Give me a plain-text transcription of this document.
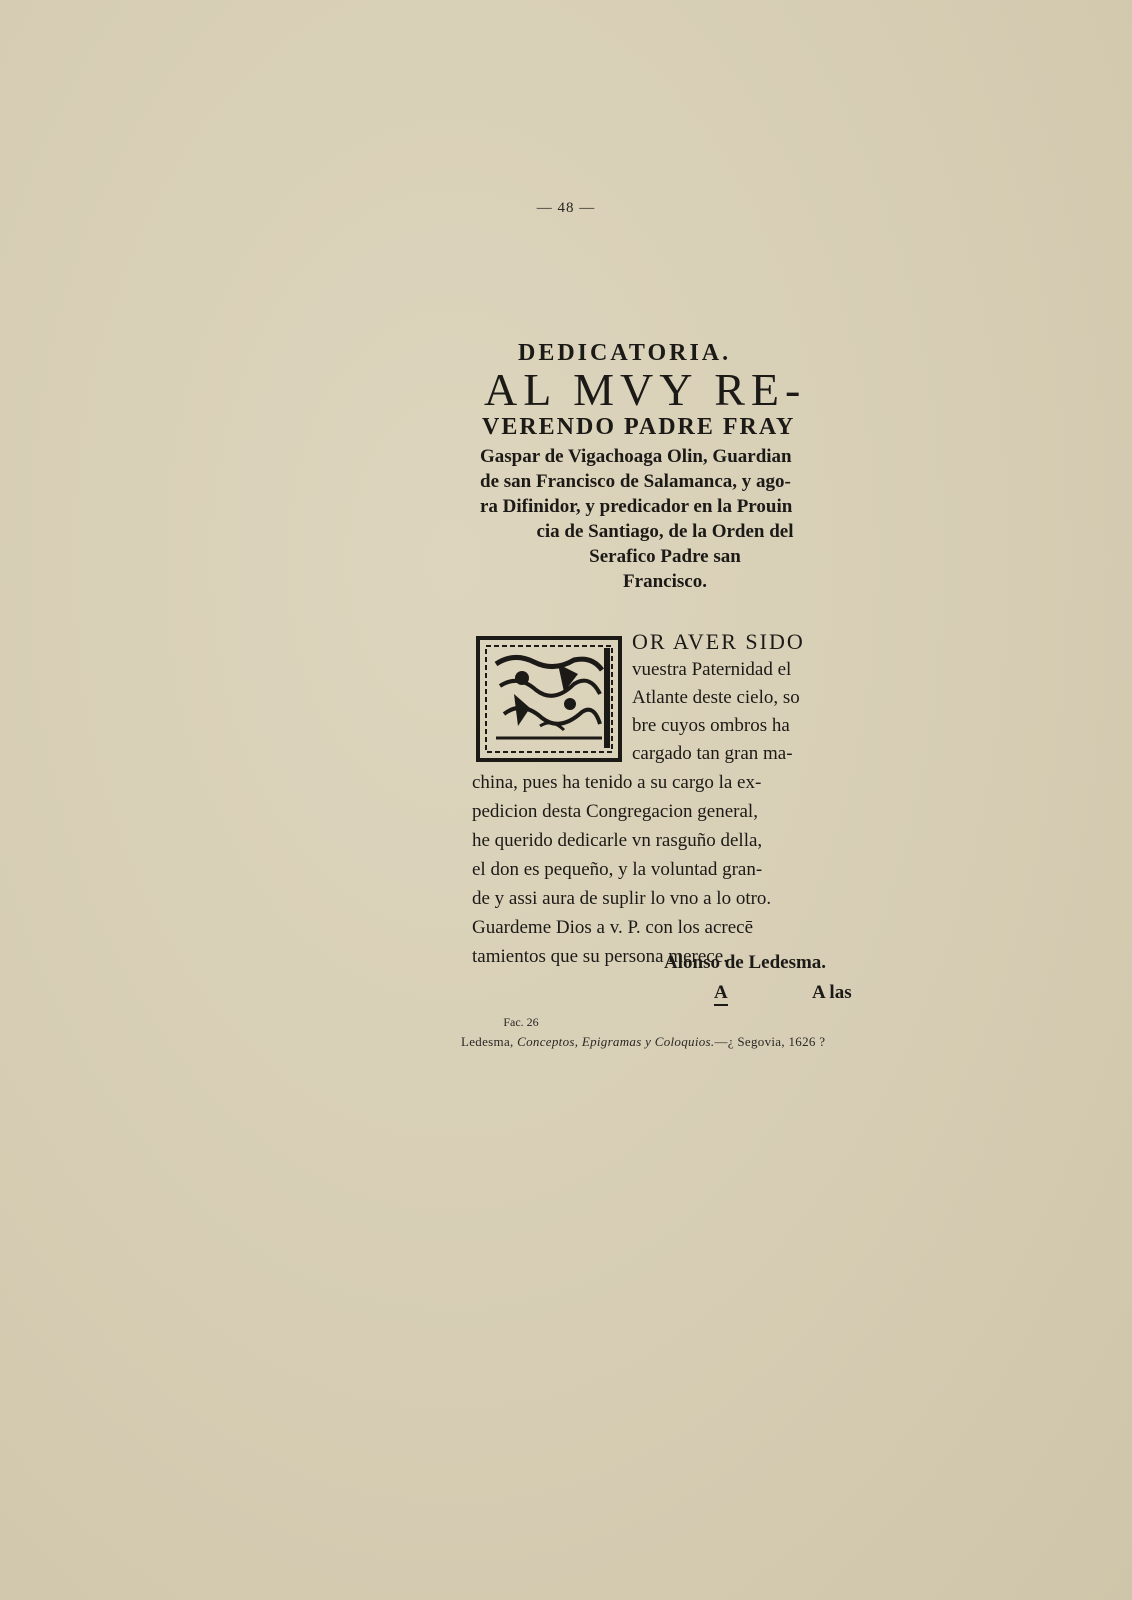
— 48 —
DEDICATORIA.
AL MVY RE-
VERENDO PADRE FRAY
Gaspar de Vigachoaga Olin, Guardian
de san Francisco de Salamanca, y ago-
ra Difinidor, y predicador en la Prouin
cia de Santiago, de la Orden del
Serafico Padre san
Francisco.
OR AVER SIDO
vuestra Paternidad el
Atlante deste cielo, so
bre cuyos ombros ha
cargado tan gran ma-
china, pues ha tenido a su cargo la ex-
pedicion desta Congregacion general,
he querido dedicarle vn rasguño della,
el don es pequeño, y la voluntad gran-
de y assi aura de suplir lo vno a lo otro.
Guardeme Dios a v. P. con los acrecē
tamientos que su persona merece.
Alonso de Ledesma.
A	A las
Fac. 26
Ledesma, Conceptos, Epigramas y Coloquios.—¿ Segovia, 1626 ?
